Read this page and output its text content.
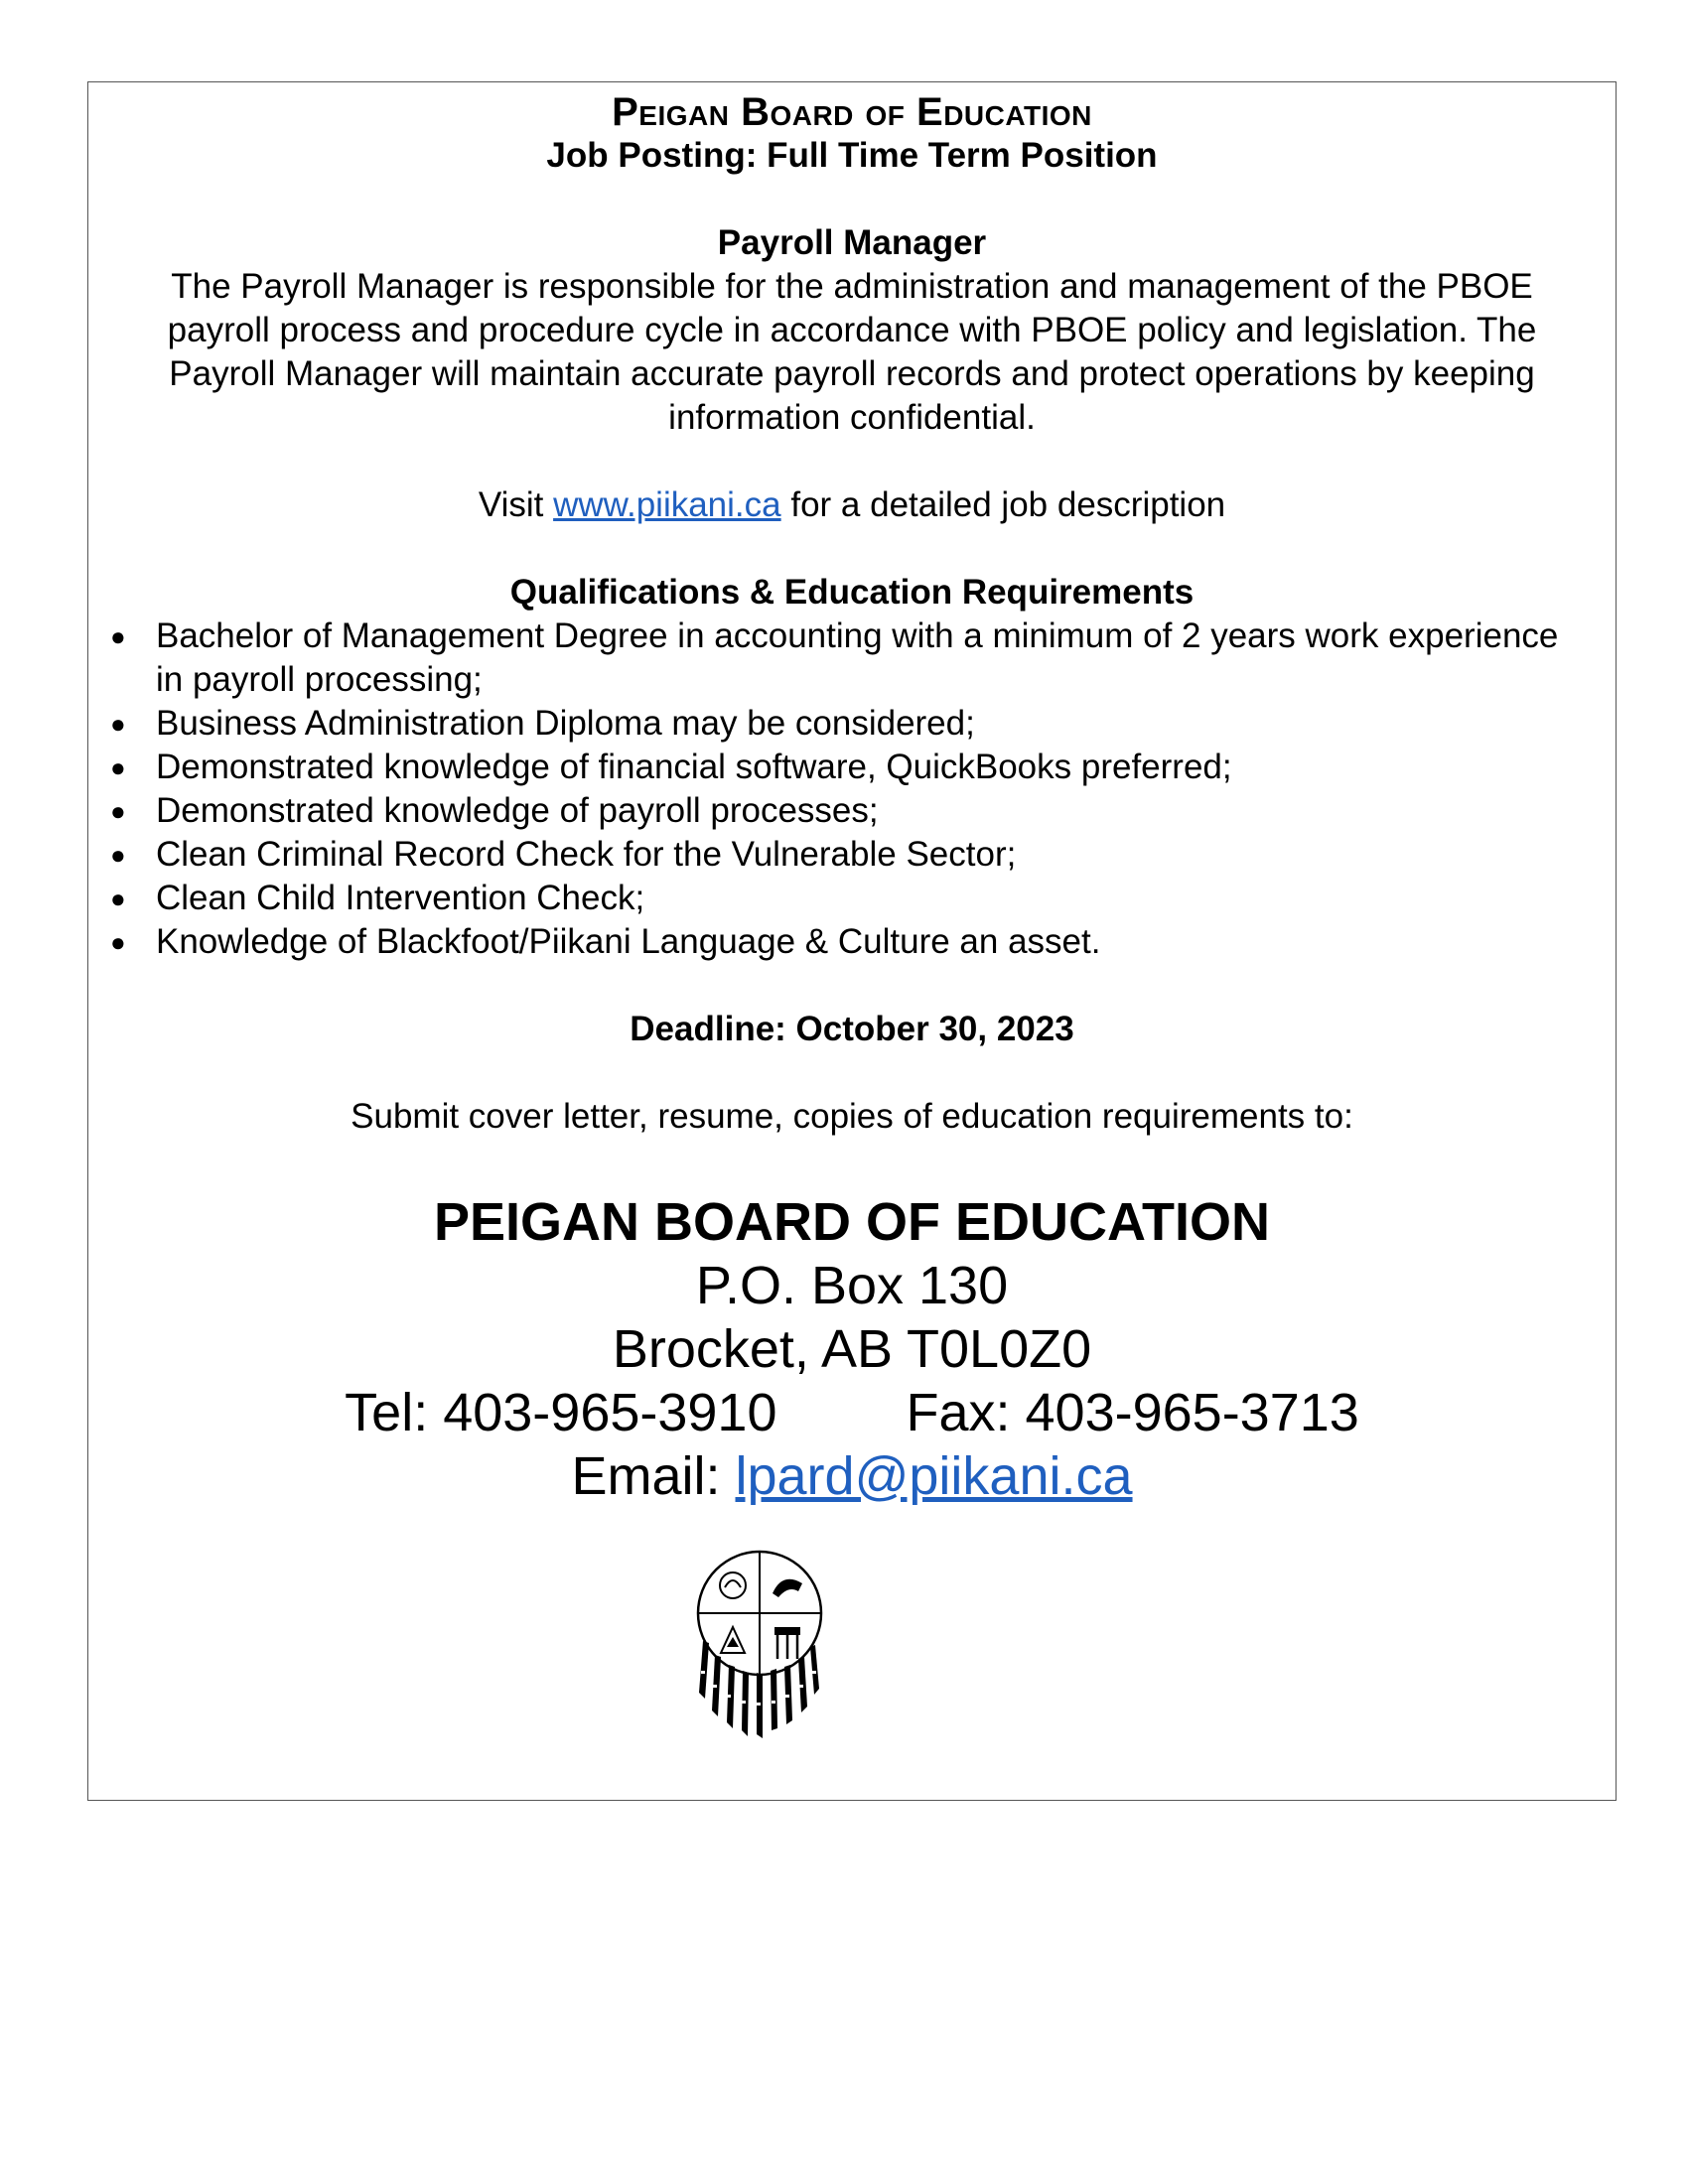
Peigan Board of Education
Job Posting: Full Time Term Position
Payroll Manager
The Payroll Manager is responsible for the administration and management of the PBOE payroll process and procedure cycle in accordance with PBOE policy and legislation. The Payroll Manager will maintain accurate payroll records and protect operations by keeping information confidential.
Visit www.piikani.ca for a detailed job description
Qualifications & Education Requirements
● Bachelor of Management Degree in accounting with a minimum of 2 years work experience in payroll processing;
● Business Administration Diploma may be considered;
● Demonstrated knowledge of financial software, QuickBooks preferred;
● Demonstrated knowledge of payroll processes;
● Clean Criminal Record Check for the Vulnerable Sector;
● Clean Child Intervention Check;
● Knowledge of Blackfoot/Piikani Language & Culture an asset.
Deadline: October 30, 2023
Submit cover letter, resume, copies of education requirements to:
PEIGAN BOARD OF EDUCATION
P.O. Box 130
Brocket, AB T0L0Z0
Tel: 403-965-3910 Fax: 403-965-3713
Email: lpard@piikani.ca
